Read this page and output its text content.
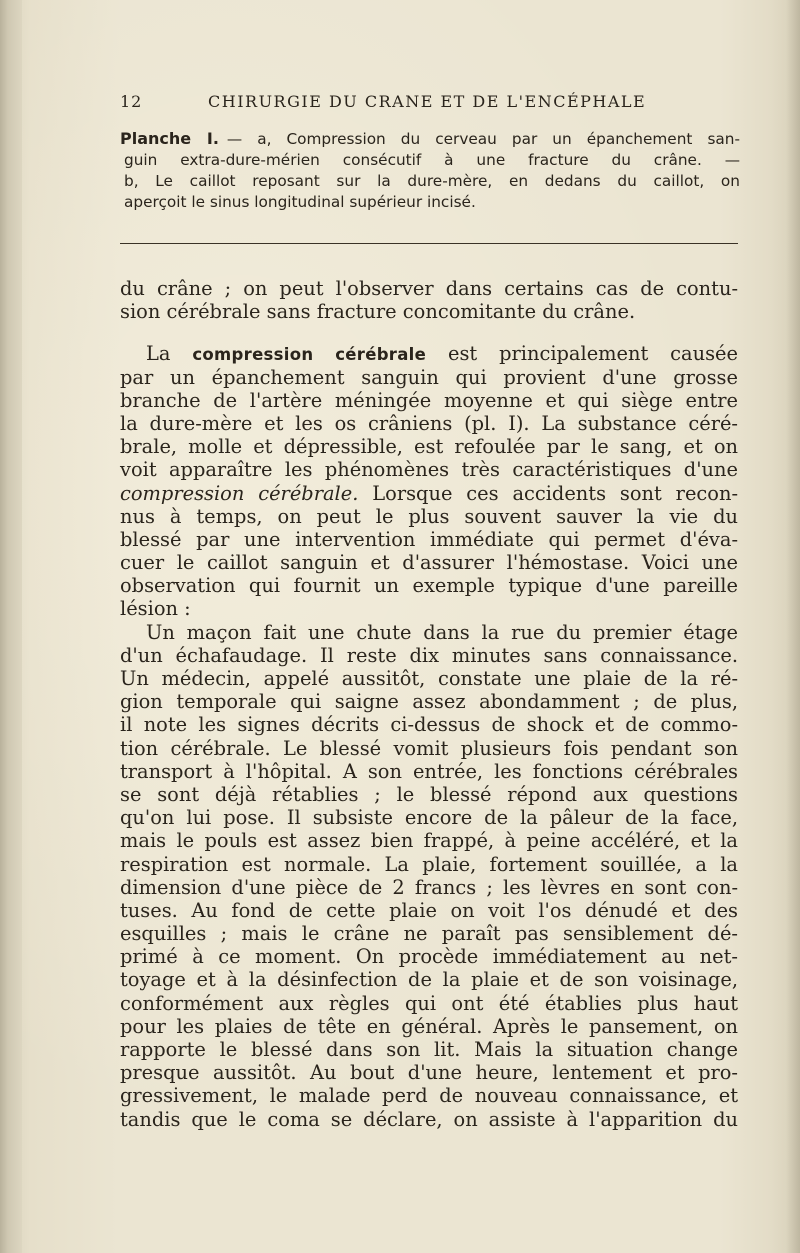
12	CHIRURGIE DU CRANE ET DE L'ENCÉPHALE
Planche I. — a, Compression du cerveau par un épanchement san-
guin extra-dure-mérien consécutif à une fracture du crâne. —
b, Le caillot reposant sur la dure-mère, en dedans du caillot, on
aperçoit le sinus longitudinal supérieur incisé.
du crâne ; on peut l'observer dans certains cas de contu-
sion cérébrale sans fracture concomitante du crâne.
La compression cérébrale est principalement causée
par un épanchement sanguin qui provient d'une grosse
branche de l'artère méningée moyenne et qui siège entre
la dure-mère et les os crâniens (pl. I). La substance céré-
brale, molle et dépressible, est refoulée par le sang, et on
voit apparaître les phénomènes très caractéristiques d'une
compression cérébrale. Lorsque ces accidents sont recon-
nus à temps, on peut le plus souvent sauver la vie du
blessé par une intervention immédiate qui permet d'éva-
cuer le caillot sanguin et d'assurer l'hémostase. Voici une
observation qui fournit un exemple typique d'une pareille
lésion :
Un maçon fait une chute dans la rue du premier étage
d'un échafaudage. Il reste dix minutes sans connaissance.
Un médecin, appelé aussitôt, constate une plaie de la ré-
gion temporale qui saigne assez abondamment ; de plus,
il note les signes décrits ci-dessus de shock et de commo-
tion cérébrale. Le blessé vomit plusieurs fois pendant son
transport à l'hôpital. A son entrée, les fonctions cérébrales
se sont déjà rétablies ; le blessé répond aux questions
qu'on lui pose. Il subsiste encore de la pâleur de la face,
mais le pouls est assez bien frappé, à peine accéléré, et la
respiration est normale. La plaie, fortement souillée, a la
dimension d'une pièce de 2 francs ; les lèvres en sont con-
tuses. Au fond de cette plaie on voit l'os dénudé et des
esquilles ; mais le crâne ne paraît pas sensiblement dé-
primé à ce moment. On procède immédiatement au net-
toyage et à la désinfection de la plaie et de son voisinage,
conformément aux règles qui ont été établies plus haut
pour les plaies de tête en général. Après le pansement, on
rapporte le blessé dans son lit. Mais la situation change
presque aussitôt. Au bout d'une heure, lentement et pro-
gressivement, le malade perd de nouveau connaissance, et
tandis que le coma se déclare, on assiste à l'apparition du
